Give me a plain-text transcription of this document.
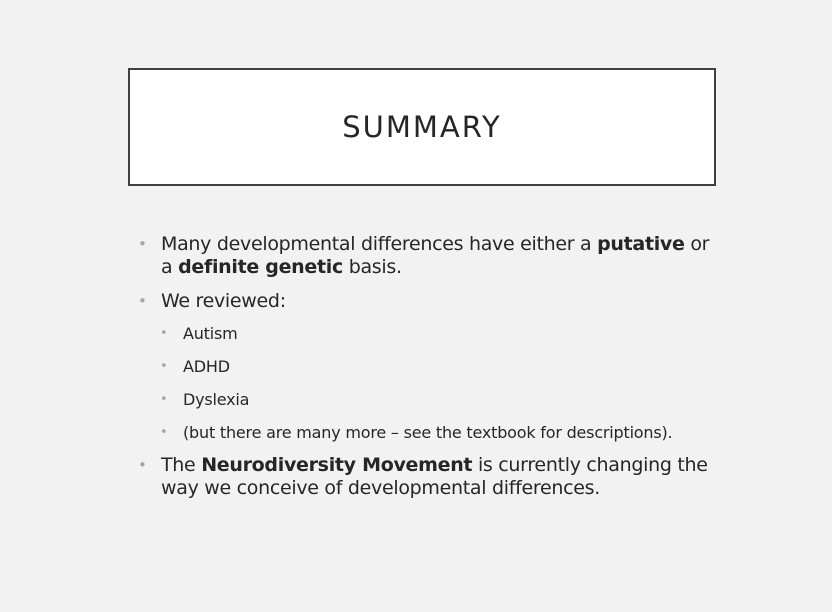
SUMMARY
• Many developmental differences have either a putative or a definite genetic basis.
• We reviewed:
• Autism
• ADHD
• Dyslexia
• (but there are many more – see the textbook for descriptions).
• The Neurodiversity Movement is currently changing the way we conceive of developmental differences.
